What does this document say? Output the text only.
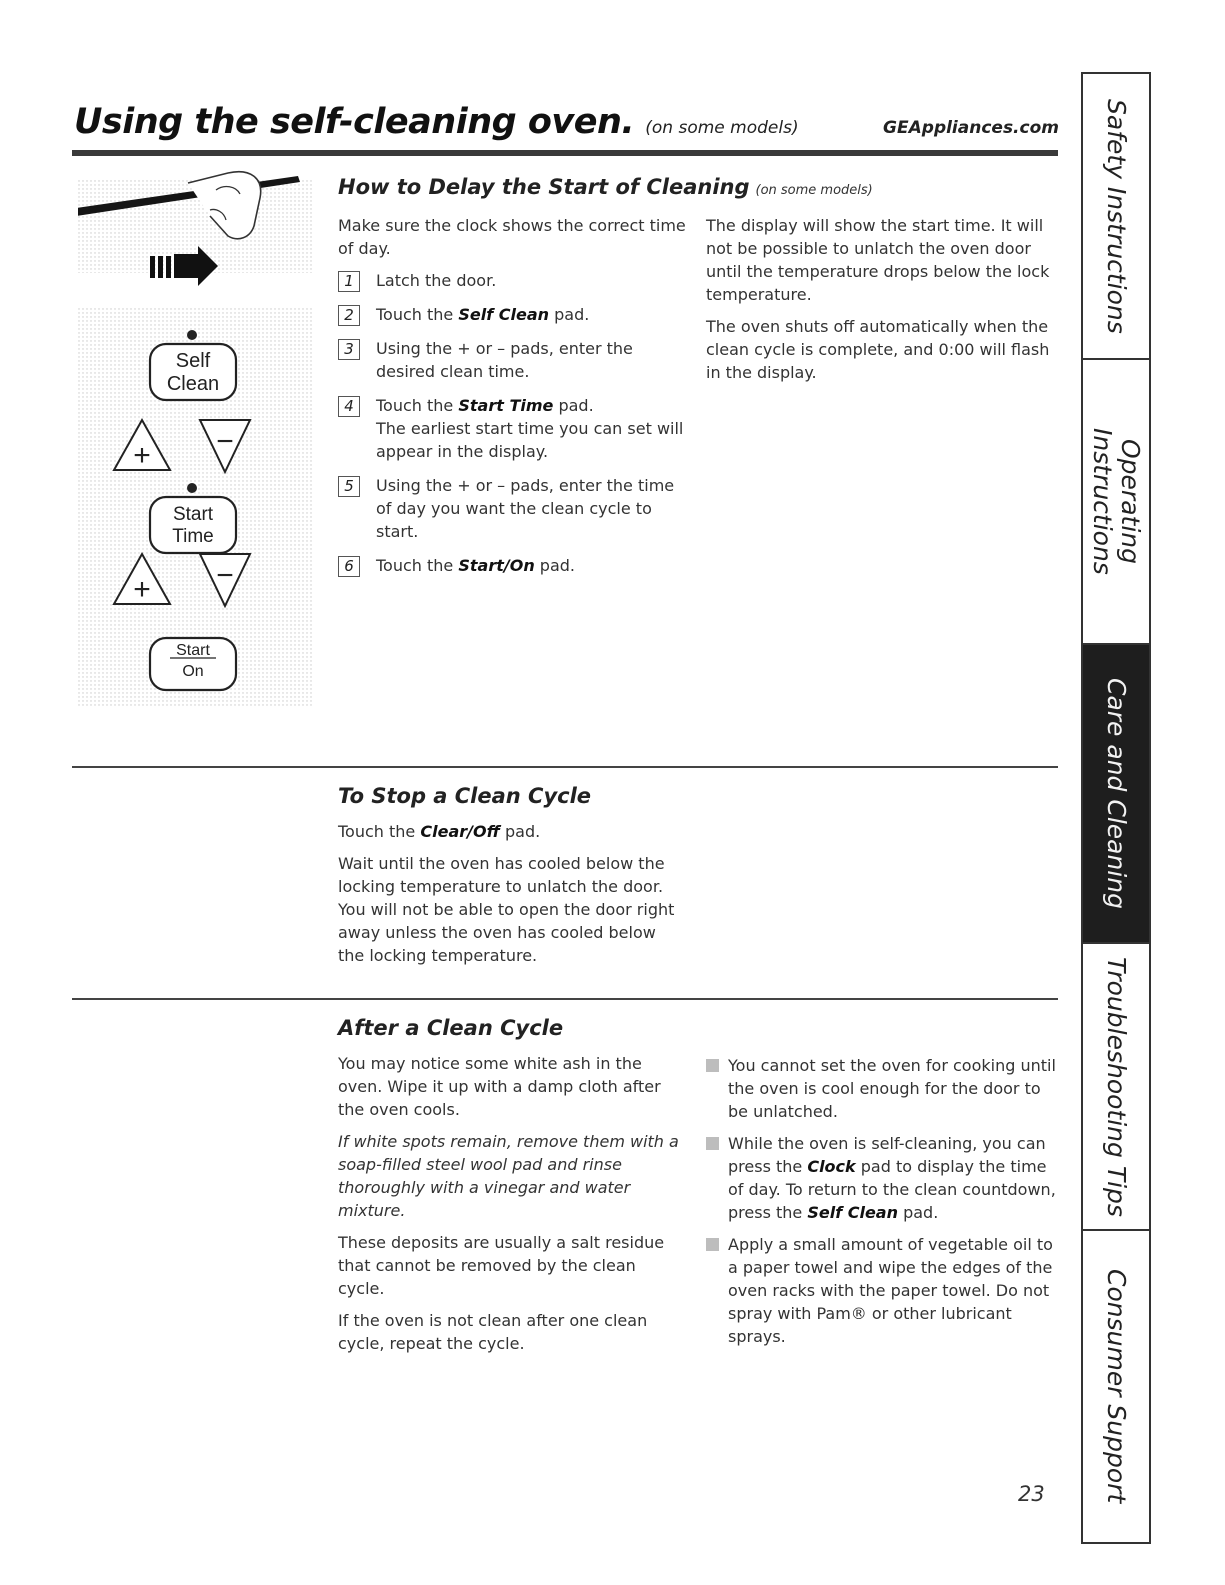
Using the self-cleaning oven. (on some models)	GEAppliances.com
Self
Clean
+ −
Start
Time
+ −
Start
On
How to Delay the Start of Cleaning (on some models)

Make sure the clock shows the correct time of day.

1	Latch the door.
2	Touch the Self Clean pad.
3	Using the + or – pads, enter the desired clean time.
4	Touch the Start Time pad.
The earliest start time you can set will appear in the display.
5	Using the + or – pads, enter the time of day you want the clean cycle to start.
6	Touch the Start/On pad.

The display will show the start time. It will not be possible to unlatch the oven door until the temperature drops below the lock temperature.

The oven shuts off automatically when the clean cycle is complete, and 0:00 will flash in the display.

To Stop a Clean Cycle

Touch the Clear/Off pad.

Wait until the oven has cooled below the locking temperature to unlatch the door. You will not be able to open the door right away unless the oven has cooled below the locking temperature.

After a Clean Cycle

You may notice some white ash in the oven. Wipe it up with a damp cloth after the oven cools.

If white spots remain, remove them with a soap-filled steel wool pad and rinse thoroughly with a vinegar and water mixture.

These deposits are usually a salt residue that cannot be removed by the clean cycle.

If the oven is not clean after one clean cycle, repeat the cycle.

You cannot set the oven for cooking until the oven is cool enough for the door to be unlatched.
While the oven is self-cleaning, you can press the Clock pad to display the time of day. To return to the clean countdown, press the Self Clean pad.
Apply a small amount of vegetable oil to a paper towel and wipe the edges of the oven racks with the paper towel. Do not spray with Pam® or other lubricant sprays.
Safety Instructions
Operating
Instructions
Care and Cleaning
Troubleshooting Tips
Consumer Support
23
